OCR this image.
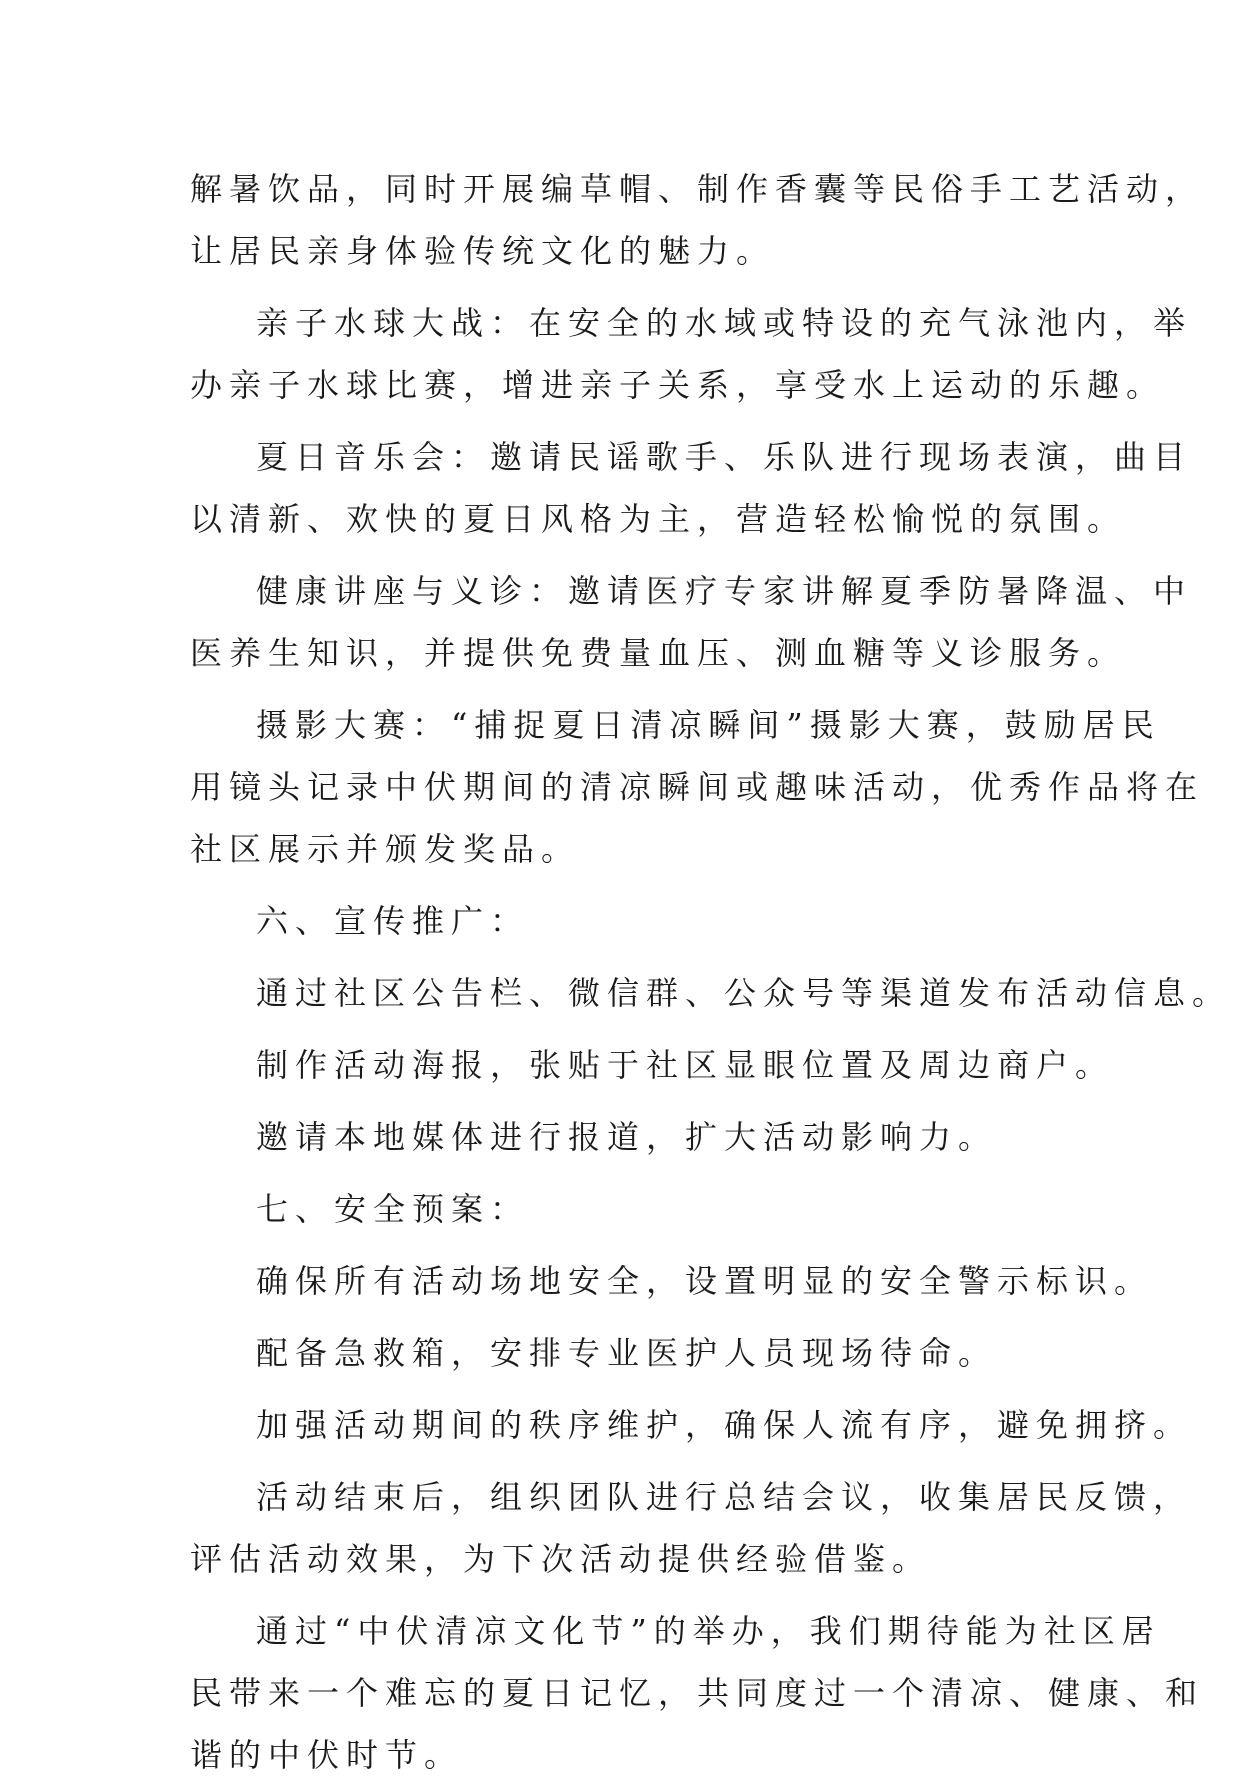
解暑饮品，同时开展编草帽、制作香囊等民俗手工艺活动，

让居民亲身体验传统文化的魅力。

亲子水球大战：在安全的水域或特设的充气泳池内，举

办亲子水球比赛，增进亲子关系，享受水上运动的乐趣。

夏日音乐会：邀请民谣歌手、乐队进行现场表演，曲目

以清新、欢快的夏日风格为主，营造轻松愉悦的氛围。

健康讲座与义诊：邀请医疗专家讲解夏季防暑降温、中

医养生知识，并提供免费量血压、测血糖等义诊服务。

摄影大赛：“捕捉夏日清凉瞬间”摄影大赛，鼓励居民

用镜头记录中伏期间的清凉瞬间或趣味活动，优秀作品将在

社区展示并颁发奖品。

六、宣传推广：

通过社区公告栏、微信群、公众号等渠道发布活动信息。

制作活动海报，张贴于社区显眼位置及周边商户。

邀请本地媒体进行报道，扩大活动影响力。

七、安全预案：

确保所有活动场地安全，设置明显的安全警示标识。

配备急救箱，安排专业医护人员现场待命。

加强活动期间的秩序维护，确保人流有序，避免拥挤。

活动结束后，组织团队进行总结会议，收集居民反馈，

评估活动效果，为下次活动提供经验借鉴。

通过“中伏清凉文化节”的举办，我们期待能为社区居

民带来一个难忘的夏日记忆，共同度过一个清凉、健康、和

谐的中伏时节。
